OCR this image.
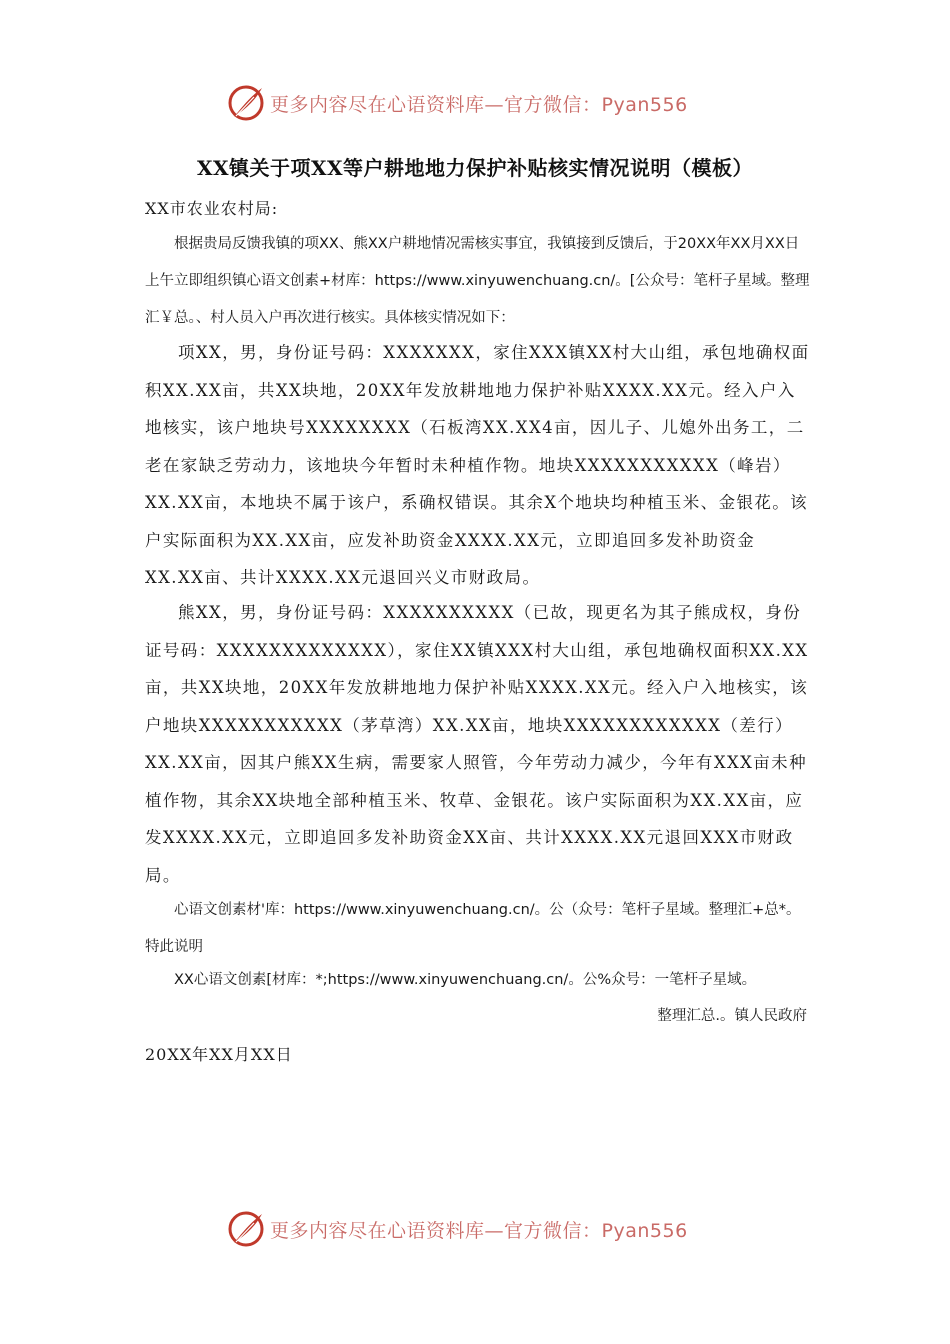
更多内容尽在心语资料库—官方微信：Pyan556
XX镇关于项XX等户耕地地力保护补贴核实情况说明（模板）
XX市农业农村局:

根据贵局反馈我镇的项XX、熊XX户耕地情况需核实事宜，我镇接到反馈后，于20XX年XX月XX日上午立即组织镇心语文创素+材库：https://www.xinyuwenchuang.cn/。[公众号：笔杆子星域。整理汇￥总。、村人员入户再次进行核实。具体核实情况如下：

项XX，男，身份证号码：XXXXXXX，家住XXX镇XX村大山组，承包地确权面积XX.XX亩，共XX块地，20XX年发放耕地地力保护补贴XXXX.XX元。经入户入地核实，该户地块号XXXXXXXX（石板湾XX.XX4亩，因儿子、儿媳外出务工，二老在家缺乏劳动力，该地块今年暂时未种植作物。地块XXXXXXXXXXX（峰岩）XX.XX亩，本地块不属于该户，系确权错误。其余X个地块均种植玉米、金银花。该户实际面积为XX.XX亩，应发补助资金XXXX.XX元，立即追回多发补助资金XX.XX亩、共计XXXX.XX元退回兴义市财政局。

熊XX，男，身份证号码：XXXXXXXXXX（已故，现更名为其子熊成权，身份证号码：XXXXXXXXXXXXX），家住XX镇XXX村大山组，承包地确权面积XX.XX亩，共XX块地，20XX年发放耕地地力保护补贴XXXX.XX元。经入户入地核实，该户地块XXXXXXXXXXX（茅草湾）XX.XX亩，地块XXXXXXXXXXXX（差行）XX.XX亩，因其户熊XX生病，需要家人照管，今年劳动力减少，今年有XXX亩未种植作物，其余XX块地全部种植玉米、牧草、金银花。该户实际面积为XX.XX亩，应发XXXX.XX元，立即追回多发补助资金XX亩、共计XXXX.XX元退回XXX市财政局。

心语文创素材'库：https://www.xinyuwenchuang.cn/。公（众号：笔杆子星域。整理汇+总*。特此说明

XX心语文创素[材库：*;https://www.xinyuwenchuang.cn/。公%众号：一笔杆子星域。

整理汇总.。镇人民政府
20XX年XX月XX日
更多内容尽在心语资料库—官方微信：Pyan556
